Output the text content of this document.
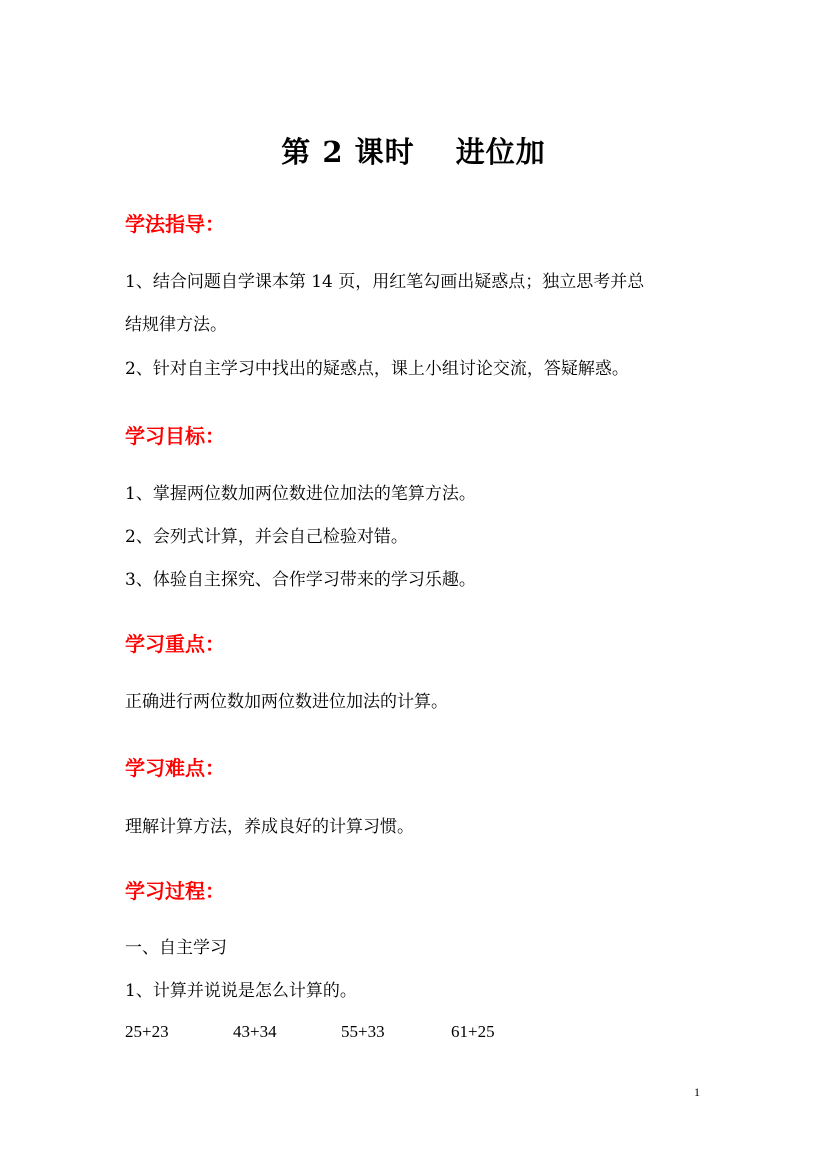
第 2 课时　 进位加
学法指导：
1、结合问题自学课本第 14 页，用红笔勾画出疑惑点；独立思考并总
结规律方法。
2、针对自主学习中找出的疑惑点，课上小组讨论交流，答疑解惑。
学习目标：
1、掌握两位数加两位数进位加法的笔算方法。
2、会列式计算，并会自己检验对错。
3、体验自主探究、合作学习带来的学习乐趣。
学习重点：
正确进行两位数加两位数进位加法的计算。
学习难点：
理解计算方法，养成良好的计算习惯。
学习过程：
一、自主学习
1、计算并说说是怎么计算的。
25+23	43+34	55+33	61+25
1
